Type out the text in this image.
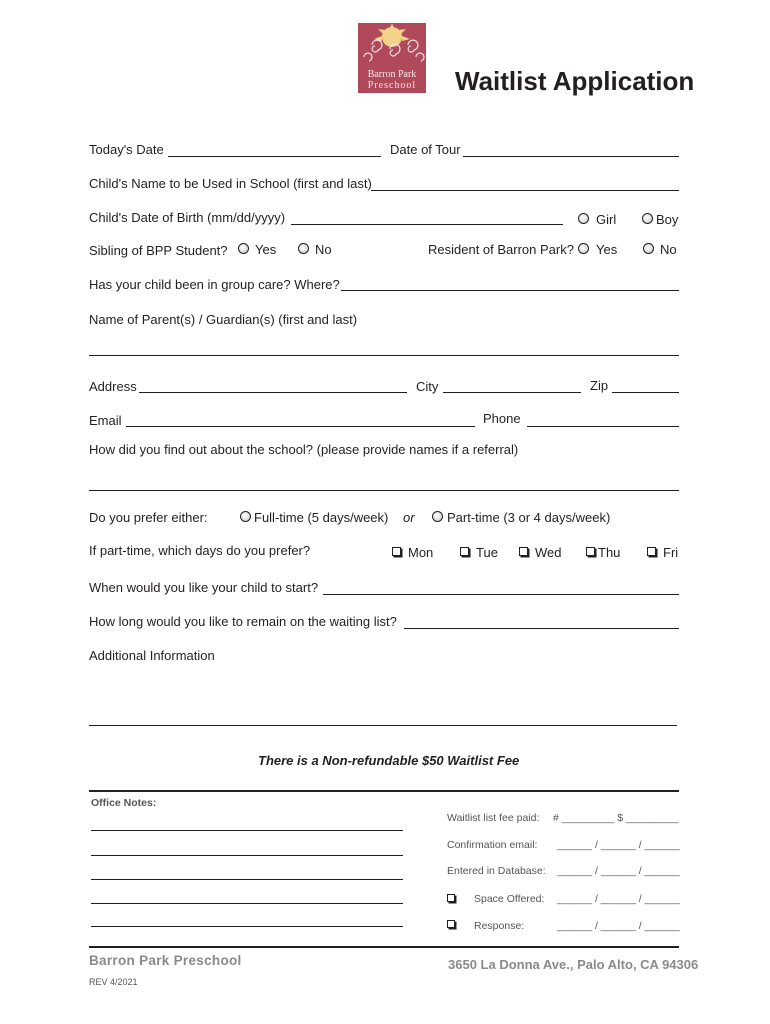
Barron Park
Preschool	Waitlist Application
Today's Date	Date of Tour
Child's Name to be Used in School (first and last)
Child's Date of Birth (mm/dd/yyyy)	Girl	Boy
Sibling of BPP Student? Yes	No	Resident of Barron Park? Yes	No
Has your child been in group care? Where?
Name of Parent(s) / Guardian(s) (first and last)
Address	City	Zip
Email	Phone
How did you find out about the school? (please provide names if a referral)
Do you prefer either:	Full-time (5 days/week) or Part-time (3 or 4 days/week)
If part-time, which days do you prefer?	Mon	Tue	Wed	Thu	Fri
When would you like your child to start?
How long would you like to remain on the waiting list?
Additional Information
There is a Non-refundable $50 Waitlist Fee
Office Notes:
Waitlist list fee paid: # _________ $ _________
Confirmation email: ______ / ______ / ______
Entered in Database: ______ / ______ / ______
Space Offered: ______ / ______ / ______
Response:	______ / ______ / ______
Barron Park Preschool	3650 La Donna Ave., Palo Alto, CA 94306
REV 4/2021
